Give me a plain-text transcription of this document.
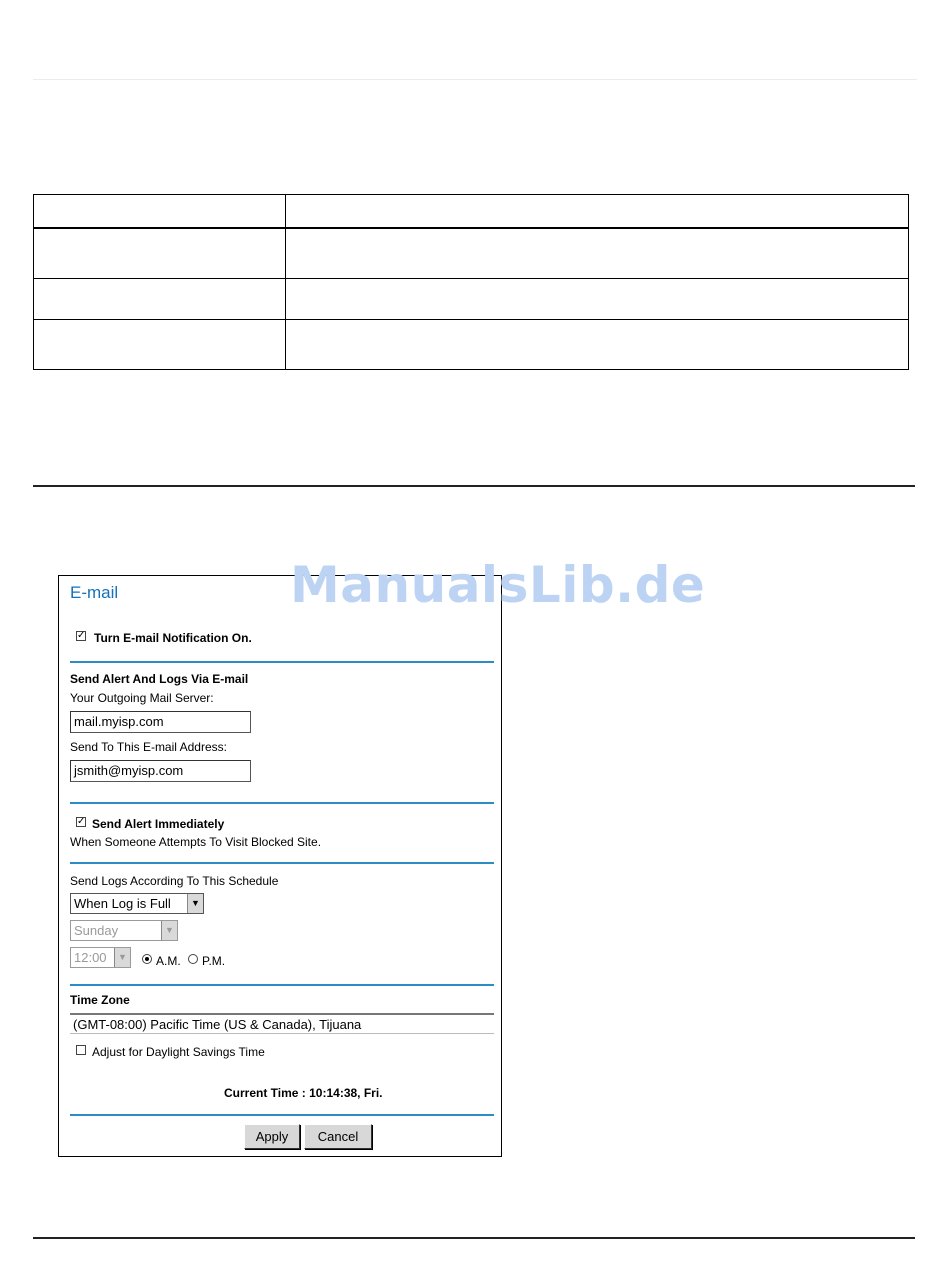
E-mail
✓ Turn E-mail Notification On.
Send Alert And Logs Via E-mail
Your Outgoing Mail Server:
mail.myisp.com
Send To This E-mail Address:
jsmith@myisp.com
✓ Send Alert Immediately
When Someone Attempts To Visit Blocked Site.
Send Logs According To This Schedule
When Log is Full	▼
Sunday	▼
12:00	▼ A.M. P.M.
Time Zone
(GMT-08:00) Pacific Time (US & Canada), Tijuana
Adjust for Daylight Savings Time
Current Time : 10:14:38, Fri.
Apply	Cancel
ManualsLib.de
